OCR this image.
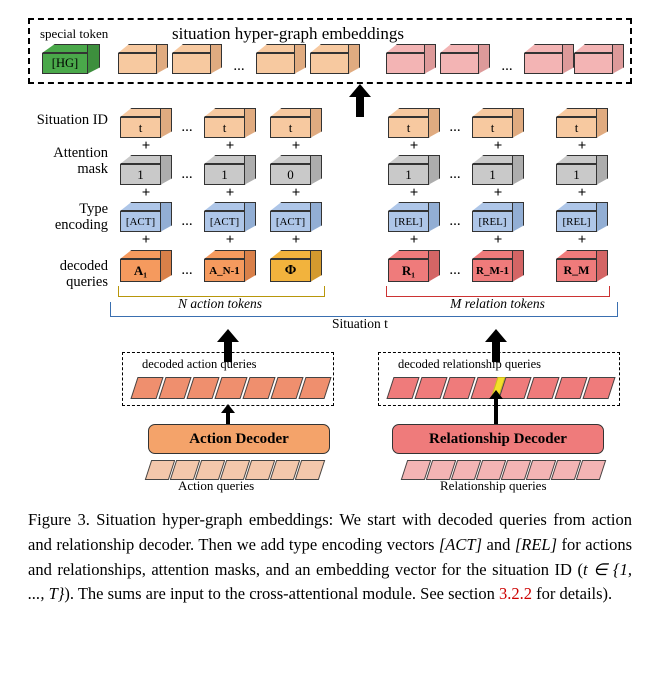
special token	situation hyper-graph embeddings
[HG]	...	...
Situation ID
Attention
mask
Type
encoding
decoded
queries
t	...	t	t	t	...	t	t
+	+	+	+	+	+
1	...	1	0	1	...	1	1
+	+	+	+	+	+
[ACT]	...	[ACT]	[ACT]	[REL]	...	[REL]	[REL]
+	+	+	+	+	+
A₁	...	A_N-1	Φ	R₁	...	R_M-1	R_M
N action tokens	M relation tokens
Situation t
decoded action queries
Action Decoder
Action queries
decoded relationship queries
Relationship Decoder
Relationship queries
Figure 3. Situation hyper-graph embeddings: We start with decoded queries from action and relationship decoder. Then we add type encoding vectors [ACT] and [REL] for actions and relationships, attention masks, and an embedding vector for the situation ID (t ∈ {1, ..., T}). The sums are input to the cross-attentional module. See section 3.2.2 for details).
